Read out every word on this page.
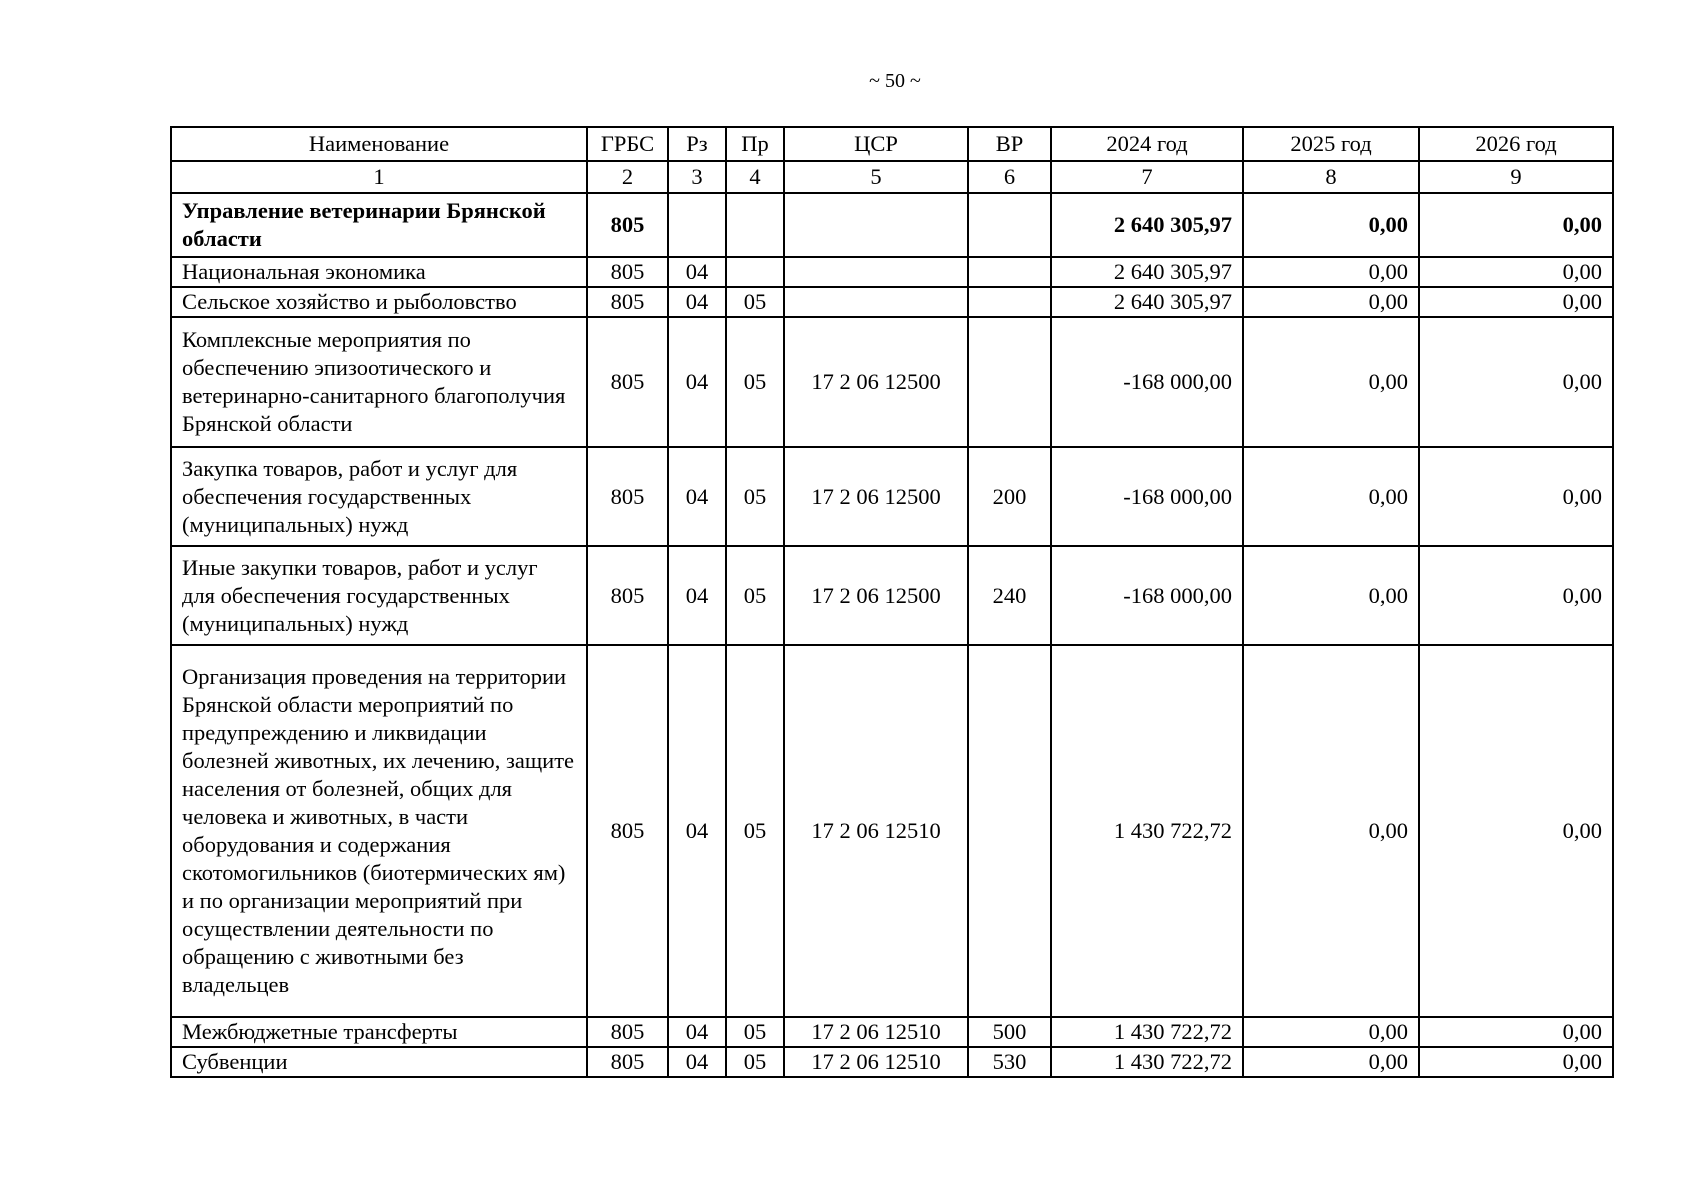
~ 50 ~
Наименование	ГРБС	Рз	Пр	ЦСР	ВР	2024 год	2025 год	2026 год
1	2	3	4	5	6	7	8	9
Управление ветеринарии Брянской области	805					2 640 305,97	0,00	0,00
Национальная экономика	805	04				2 640 305,97	0,00	0,00
Сельское хозяйство и рыболовство	805	04	05			2 640 305,97	0,00	0,00
Комплексные мероприятия по обеспечению эпизоотического и ветеринарно-санитарного благополучия Брянской области	805	04	05	17 2 06 12500		-168 000,00	0,00	0,00
Закупка товаров, работ и услуг для обеспечения государственных (муниципальных) нужд	805	04	05	17 2 06 12500	200	-168 000,00	0,00	0,00
Иные закупки товаров, работ и услуг для обеспечения государственных (муниципальных) нужд	805	04	05	17 2 06 12500	240	-168 000,00	0,00	0,00
Организация проведения на территории Брянской области мероприятий по предупреждению и ликвидации болезней животных, их лечению, защите населения от болезней, общих для человека и животных, в части оборудования и содержания скотомогильников (биотермических ям) и по организации мероприятий при осуществлении деятельности по обращению с животными без владельцев	805	04	05	17 2 06 12510		1 430 722,72	0,00	0,00
Межбюджетные трансферты	805	04	05	17 2 06 12510	500	1 430 722,72	0,00	0,00
Субвенции	805	04	05	17 2 06 12510	530	1 430 722,72	0,00	0,00
